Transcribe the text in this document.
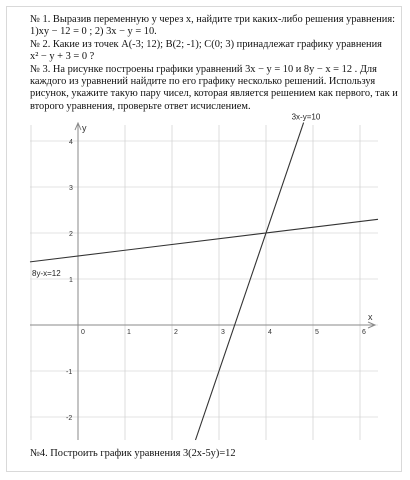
№ 1. Выразив переменную y через x, найдите три каких-либо решения уравнения:
1)xy − 12 = 0 ; 2) 3x − y = 10.

№ 2. Какие из точек A(-3; 12); B(2; -1); C(0; 3) принадлежат графику уравнения
x² − y + 3 = 0 ?

№ 3. На рисунке построены графики уравнений 3x − y = 10 и 8y − x = 12 . Для
каждого из уравнений найдите по его графику несколько решений. Используя
рисунок, укажите такую пару чисел, которая является решением как первого, так и
второго уравнения, проверьте ответ исчислением.

x
y
0	1	2	3	4	5	6
1
2
3
4
-1
-2
3x-y=10
8y-x=12
№4. Построить график уравнения 3(2x-5y)=12
